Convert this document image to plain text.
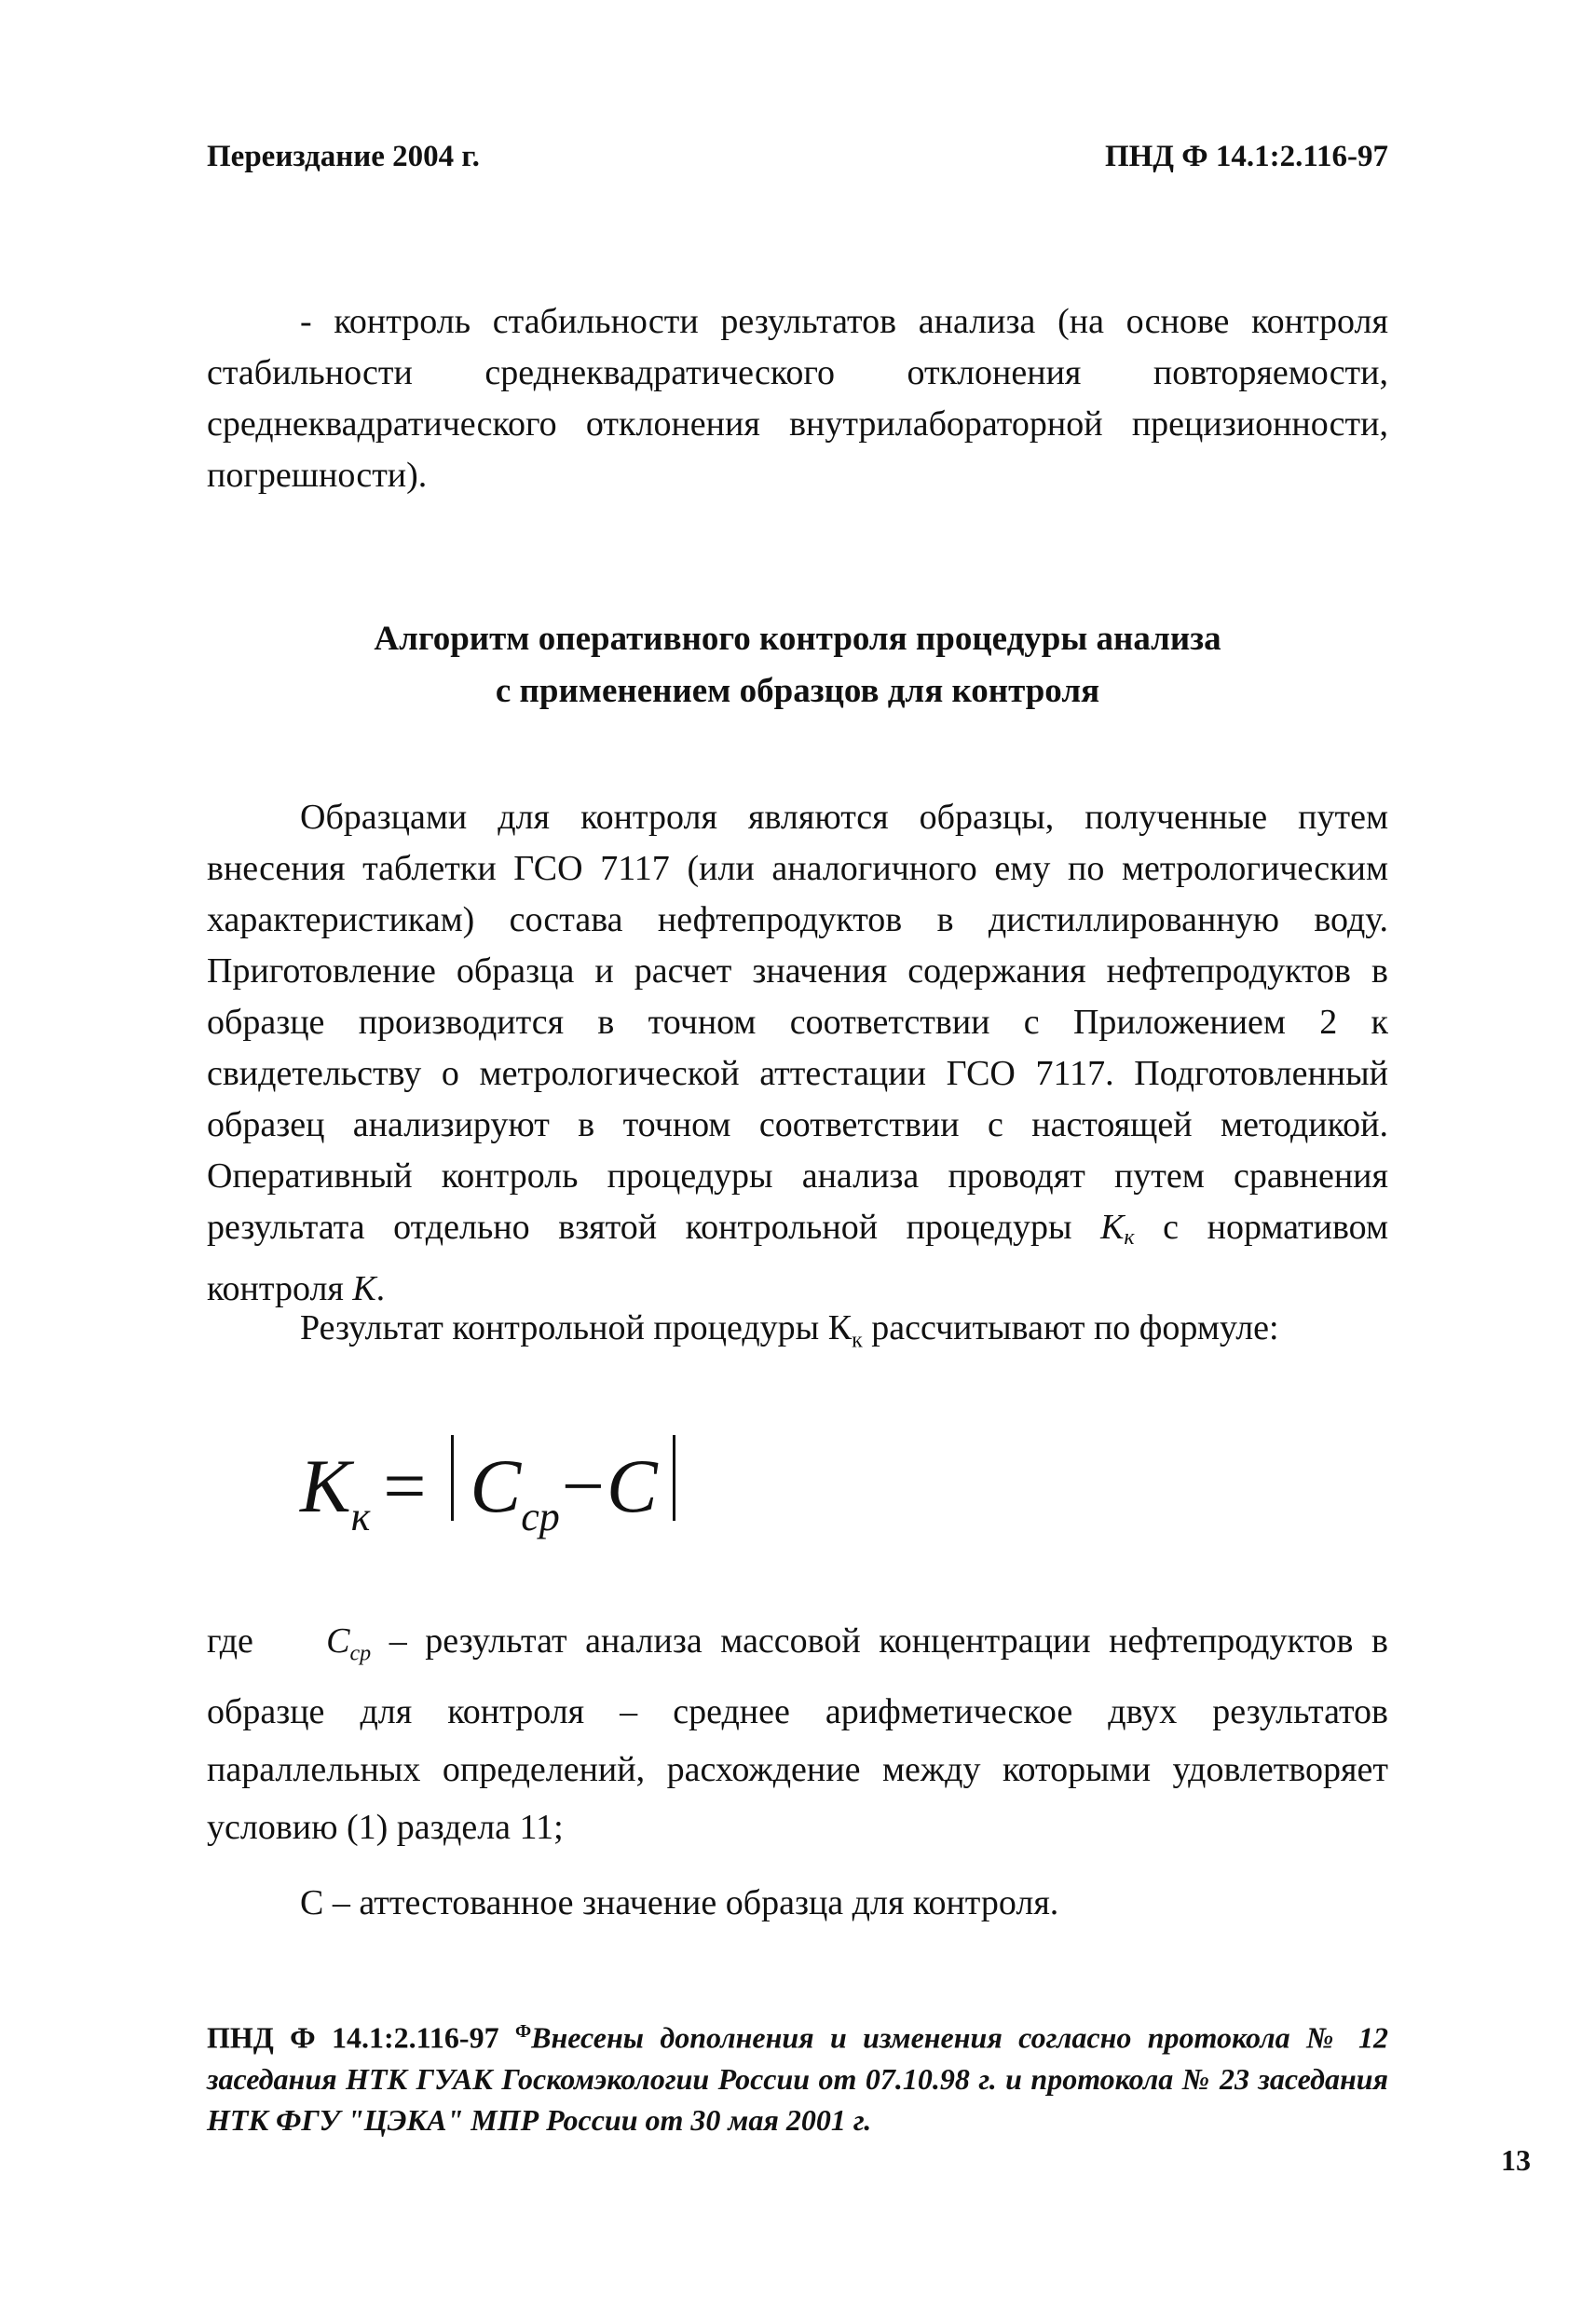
Переиздание 2004 г.	ПНД Ф 14.1:2.116-97
- контроль стабильности результатов анализа (на основе контроля стабильности среднеквадратического отклонения повторяемости, среднеквадратического отклонения внутрилабораторной прецизионности, погрешности).
Алгоритм оперативного контроля процедуры анализа
с применением образцов для контроля
Образцами для контроля являются образцы, полученные путем внесения таблетки ГСО 7117 (или аналогичного ему по метрологическим характеристикам) состава нефтепродуктов в дистиллированную воду. Приготовление образца и расчет значения содержания нефтепродуктов в образце производится в точном соответствии с Приложением 2 к свидетельству о метрологической аттестации ГСО 7117. Подготовленный образец анализируют в точном соответствии с настоящей методикой. Оперативный контроль процедуры анализа проводят путем сравнения результата отдельно взятой контрольной процедуры $К_к$ с нормативом контроля К.
Результат контрольной процедуры $К_к$ рассчитывают по формуле:
$K_к = C_{ср}-C$
где $C_{ср}$ – результат анализа массовой концентрации нефтепродуктов в образце для контроля – среднее арифметическое двух результатов параллельных определений, расхождение между которыми удовлетворяет условию (1) раздела 11;
С – аттестованное значение образца для контроля.
ПНД Ф 14.1:2.116-97 $^Ф$Внесены дополнения и изменения согласно протокола № 12 заседания НТК ГУАК Госкомэкологии России от 07.10.98 г. и протокола № 23 заседания НТК ФГУ "ЦЭКА" МПР России от 30 мая 2001 г.
13
